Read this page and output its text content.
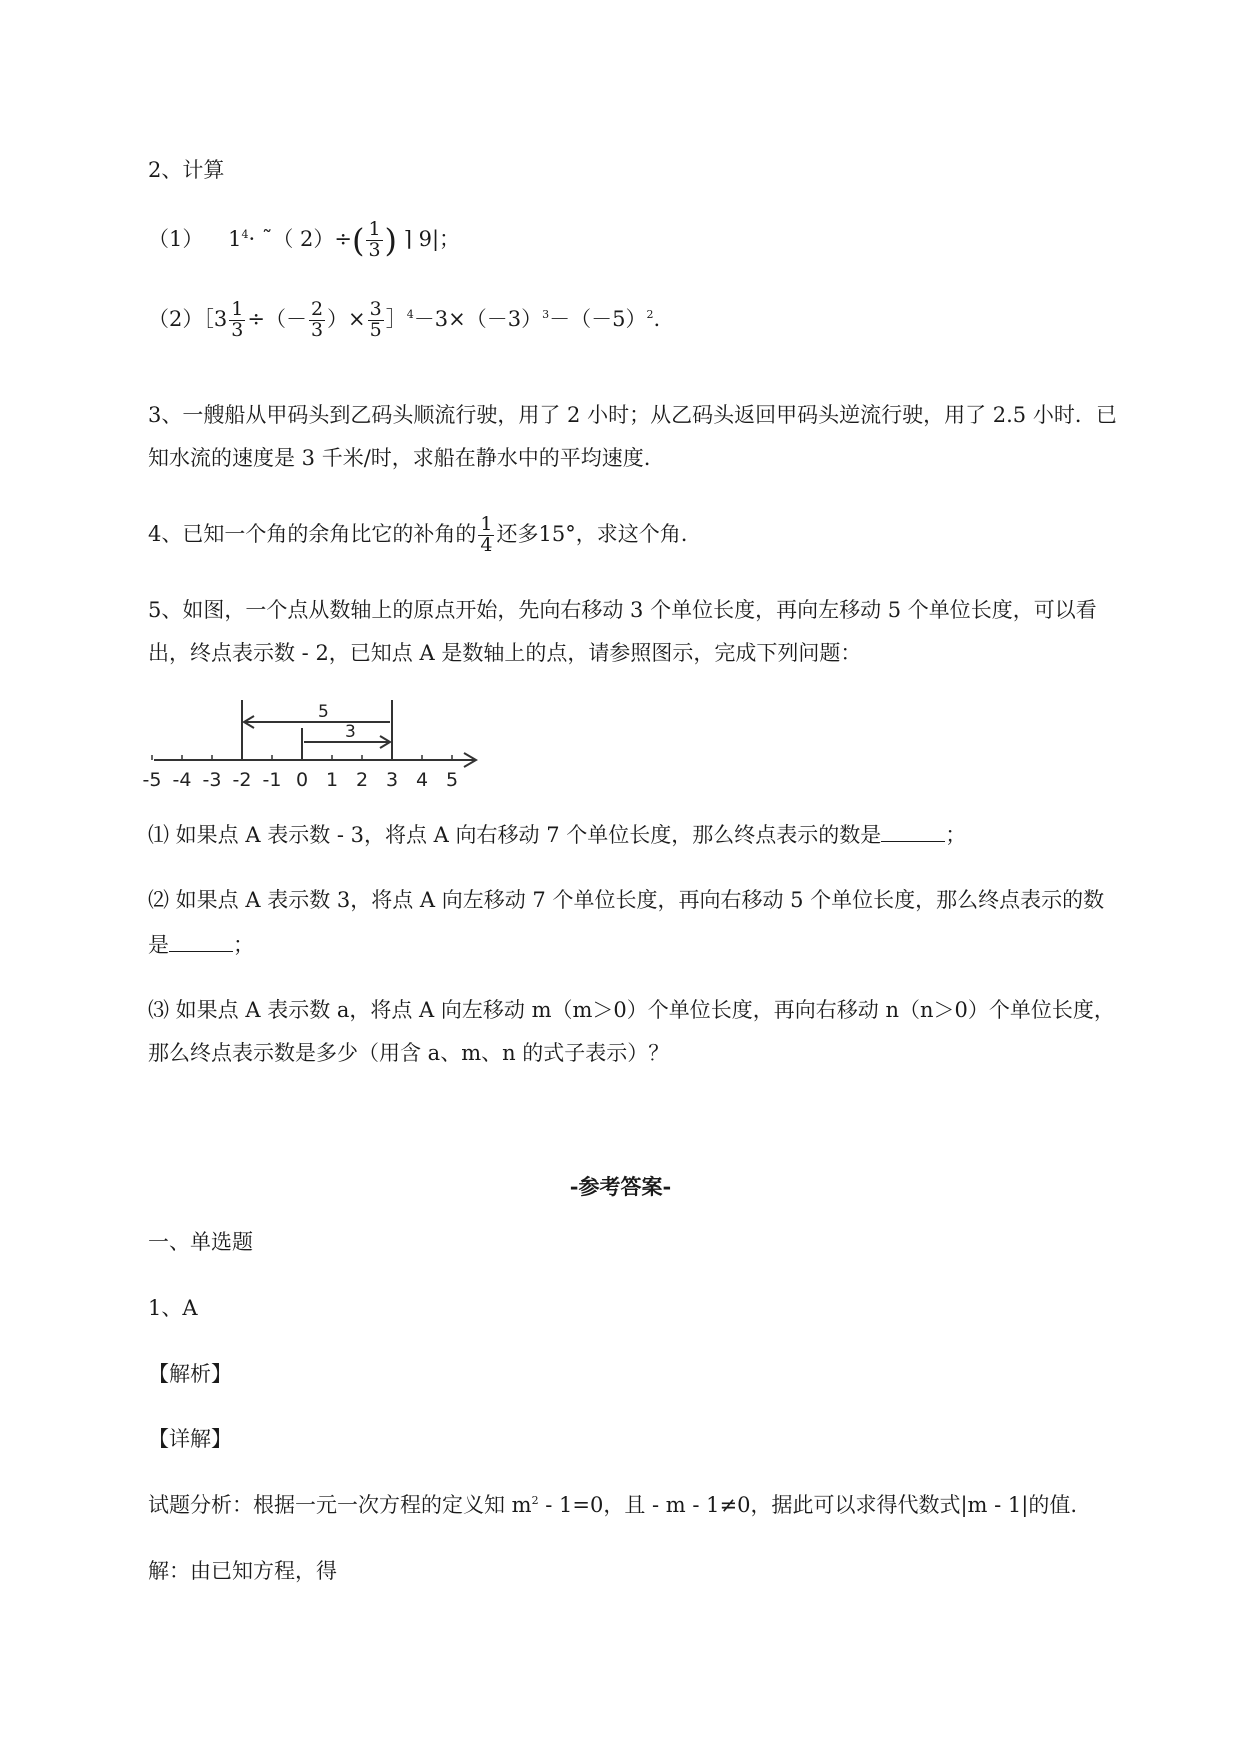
2、计算
（1） $1^4\cdot$ ˜（ $2)\div( \frac{1}{3}$ ) ⌉ 9|；
（2）［3 $\frac{1}{3}$ ÷（－ $\frac{2}{3}$ ）× $\frac{3}{5}$ $]^4-3\times(-3)^3-(-5)^2$.
3、一艘船从甲码头到乙码头顺流行驶，用了 2 小时；从乙码头返回甲码头逆流行驶，用了 2.5 小时．已
知水流的速度是 3 千米/时，求船在静水中的平均速度.
4、已知一个角的余角比它的补角的 $\frac{1}{4}$ 还多15°，求这个角.
5、如图，一个点从数轴上的原点开始，先向右移动 3 个单位长度，再向左移动 5 个单位长度，可以看
出，终点表示数 - 2，已知点 A 是数轴上的点，请参照图示，完成下列问题：
-5 -4 -3 -2 -1 0 1 2 3 4 5
5
3
⑴ 如果点 A 表示数 - 3，将点 A 向右移动 7 个单位长度，那么终点表示的数是	；
⑵ 如果点 A 表示数 3，将点 A 向左移动 7 个单位长度，再向右移动 5 个单位长度，那么终点表示的数
是	；
⑶ 如果点 A 表示数 a，将点 A 向左移动 m（m＞0）个单位长度，再向右移动 n（n＞0）个单位长度，
那么终点表示数是多少（用含 a、m、n 的式子表示）？
-参考答案-
一、单选题
1、A
【解析】
【详解】
试题分析：根据一元一次方程的定义知 $m^2 - 1=0$，且 - m - 1≠0，据此可以求得代数式|m - 1|的值.
解：由已知方程，得
